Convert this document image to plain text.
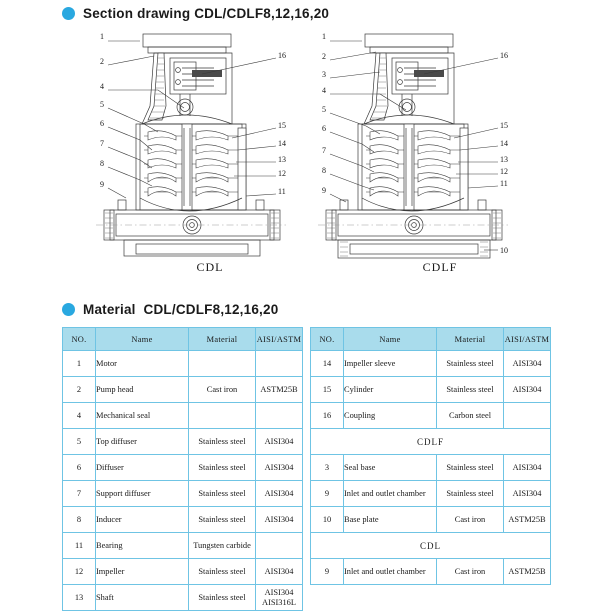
Section drawing CDL/CDLF8,12,16,20
1
2
4
5
6
7
8
9
16
15
14
13
12
11
CDL
1
2
3
4
5
6
7
8
9
16
15
14
13
12
11
10
CDLF
Material  CDL/CDLF8,12,16,20
NO.	Name	Material	AISI/ASTM
1	Motor		
2	Pump head	Cast iron	ASTM25B
4	Mechanical seal		
5	Top diffuser	Stainless steel	AISI304
6	Diffuser	Stainless steel	AISI304
7	Support diffuser	Stainless steel	AISI304
8	Inducer	Stainless steel	AISI304
11	Bearing	Tungsten carbide	
12	Impeller	Stainless steel	AISI304
13	Shaft	Stainless steel	AISI304
AISI316L
NO.	Name	Material	AISI/ASTM
14	Impeller sleeve	Stainless steel	AISI304
15	Cylinder	Stainless steel	AISI304
16	Coupling	Carbon steel	
CDLF			
3	Seal base	Stainless steel	AISI304
9	Inlet and outlet chamber	Stainless steel	AISI304
10	Base plate	Cast iron	ASTM25B
CDL			
9	Inlet and outlet chamber	Cast iron	ASTM25B
